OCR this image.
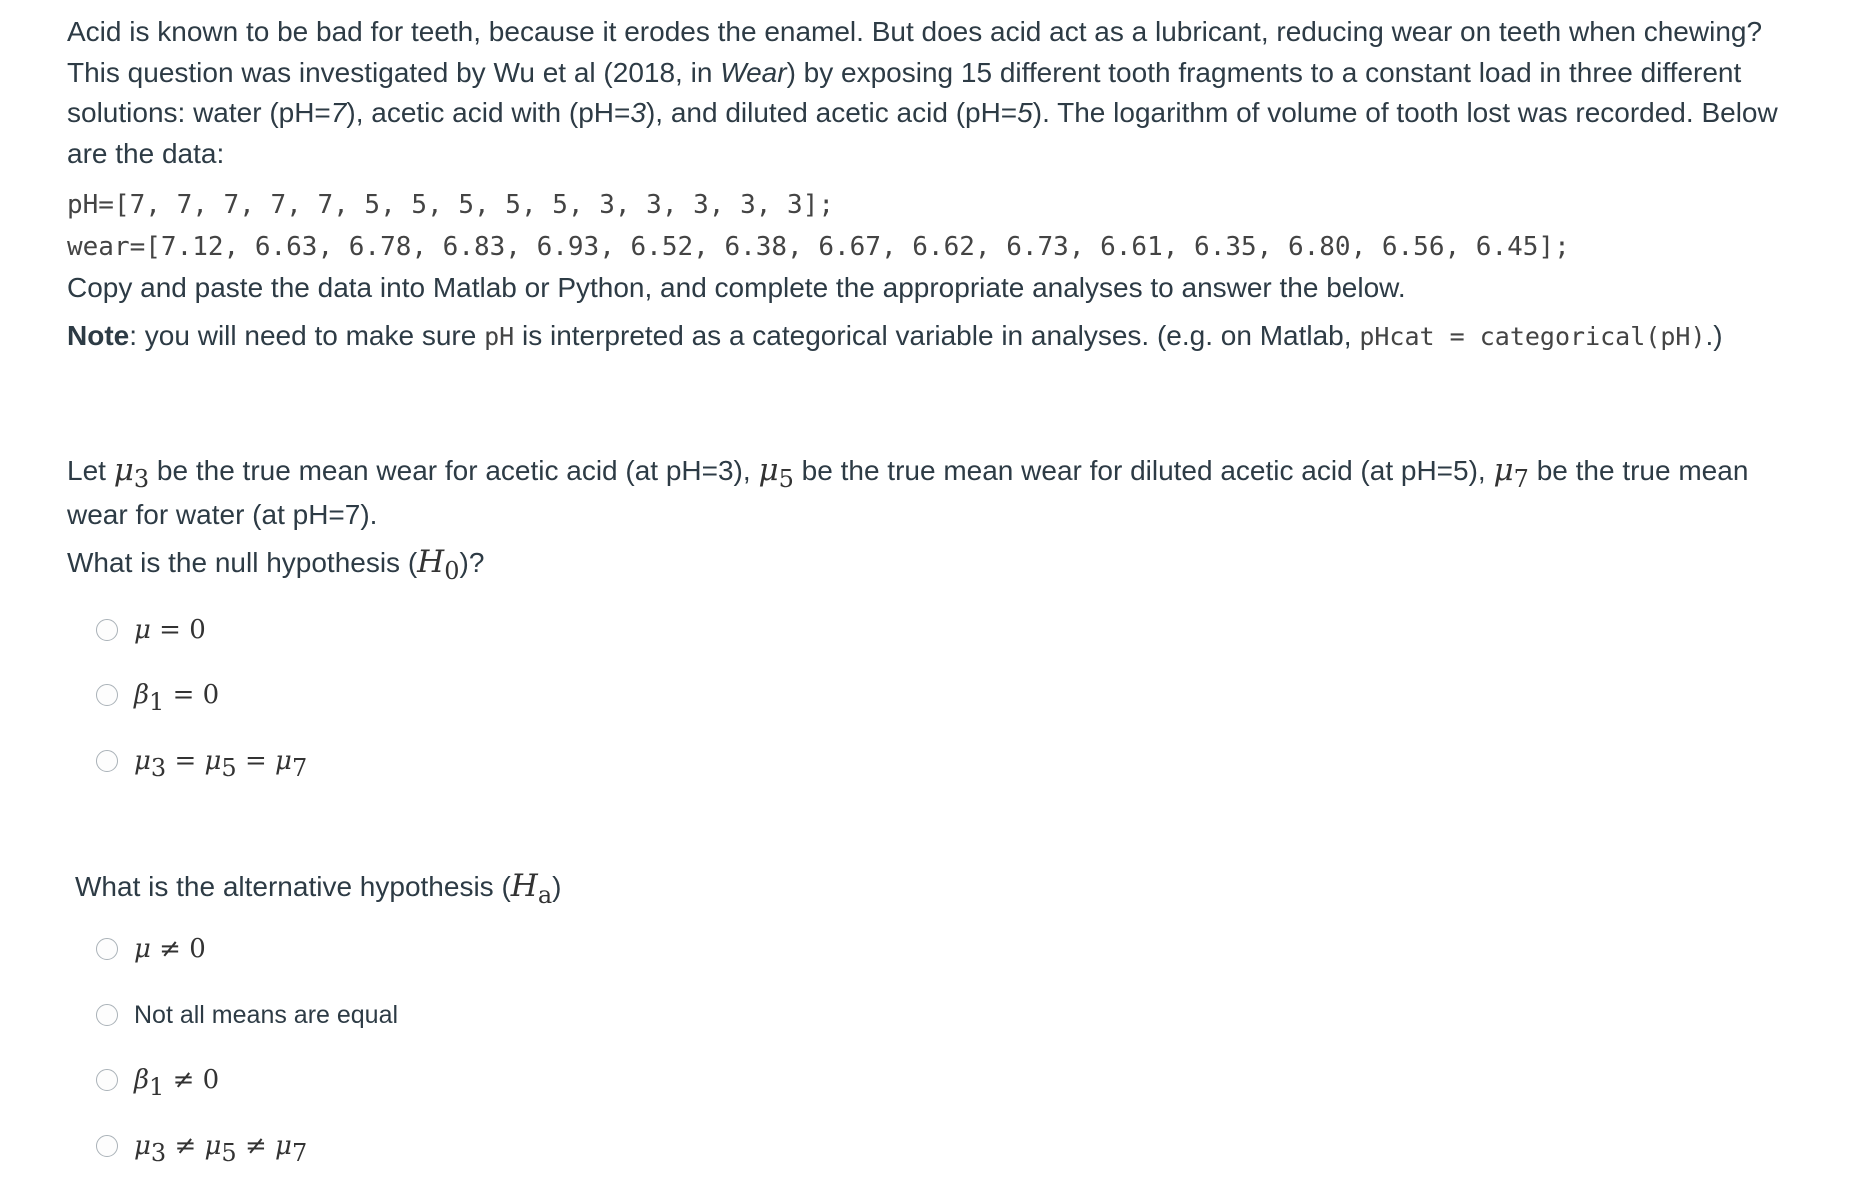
Acid is known to be bad for teeth, because it erodes the enamel. But does acid act as a lubricant, reducing wear on teeth when chewing? This question was investigated by Wu et al (2018, in Wear) by exposing 15 different tooth fragments to a constant load in three different solutions: water (pH=7), acetic acid with (pH=3), and diluted acetic acid (pH=5). The logarithm of volume of tooth lost was recorded. Below are the data:

pH=[7, 7, 7, 7, 7, 5, 5, 5, 5, 5, 3, 3, 3, 3, 3];

wear=[7.12, 6.63, 6.78, 6.83, 6.93, 6.52, 6.38, 6.67, 6.62, 6.73, 6.61, 6.35, 6.80, 6.56, 6.45];

Copy and paste the data into Matlab or Python, and complete the appropriate analyses to answer the below.

Note: you will need to make sure pH is interpreted as a categorical variable in analyses. (e.g. on Matlab, pHcat = categorical(pH).)

Let $\mu_3$ be the true mean wear for acetic acid (at pH=3), $\mu_5$ be the true mean wear for diluted acetic acid (at pH=5), $\mu_7$ be the true mean wear for water (at pH=7).

What is the null hypothesis $(H_0)$?

μ = 0
$\beta_1 = 0$
$\mu_3 = \mu_5 = \mu_7$

What is the alternative hypothesis $(H_a)$

μ ≠ 0
Not all means are equal
$\beta_1 \ne 0$
$\mu_3 \ne \mu_5 \ne \mu_7$
